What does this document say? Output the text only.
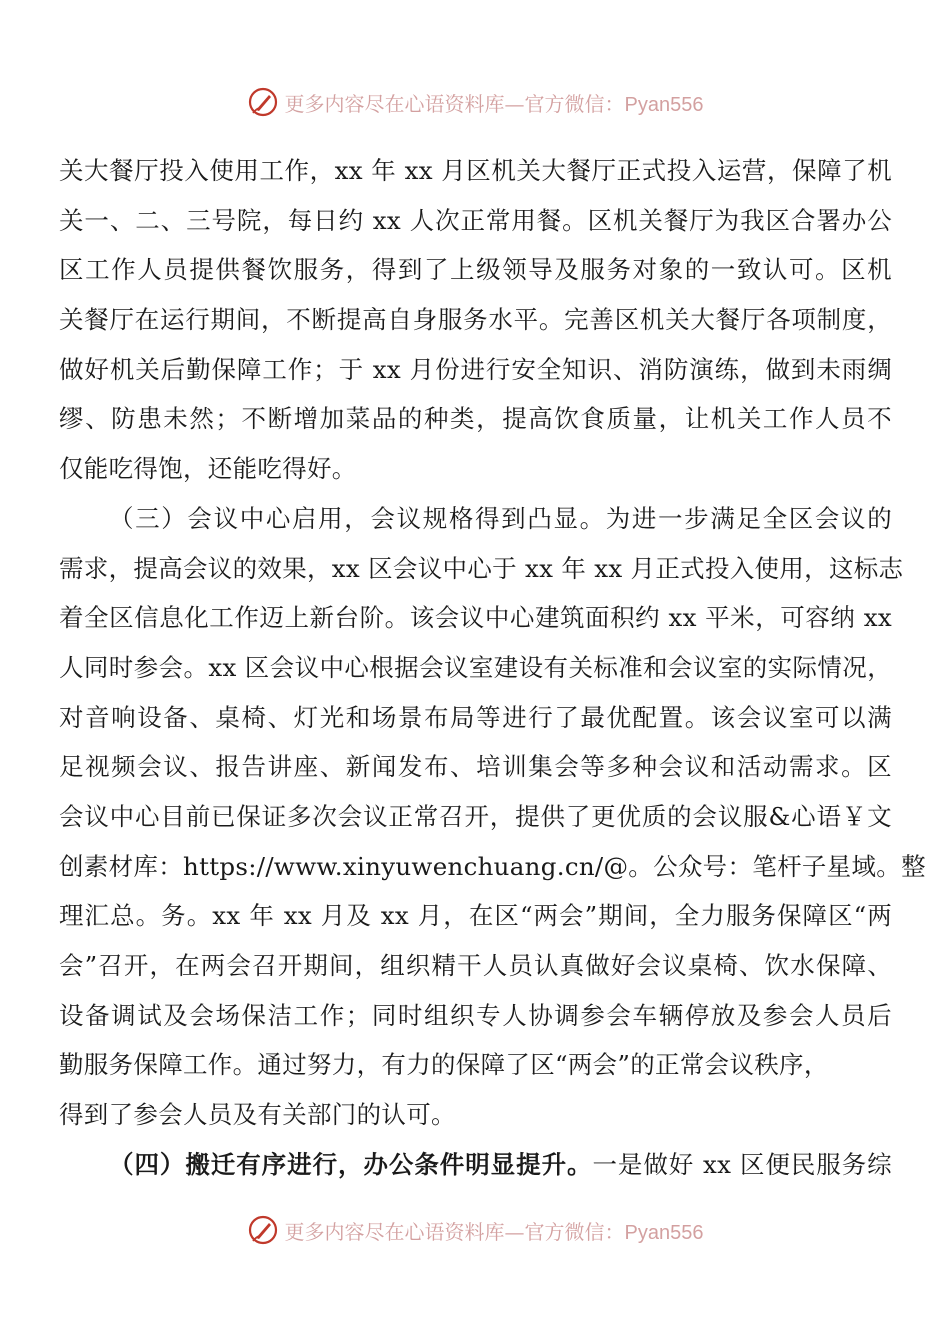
更多内容尽在心语资料库—官方微信：Pyan556
关大餐厅投入使用工作，xx 年 xx 月区机关大餐厅正式投入运营，保障了机
关一、二、三号院，每日约 xx 人次正常用餐。区机关餐厅为我区合署办公
区工作人员提供餐饮服务，得到了上级领导及服务对象的一致认可。区机
关餐厅在运行期间，不断提高自身服务水平。完善区机关大餐厅各项制度，
做好机关后勤保障工作；于 xx 月份进行安全知识、消防演练，做到未雨绸
缪、防患未然；不断增加菜品的种类，提高饮食质量，让机关工作人员不
仅能吃得饱，还能吃得好。
（三）会议中心启用，会议规格得到凸显。为进一步满足全区会议的
需求，提高会议的效果，xx 区会议中心于 xx 年 xx 月正式投入使用，这标志
着全区信息化工作迈上新台阶。该会议中心建筑面积约 xx 平米，可容纳 xx
人同时参会。xx 区会议中心根据会议室建设有关标准和会议室的实际情况，
对音响设备、桌椅、灯光和场景布局等进行了最优配置。该会议室可以满
足视频会议、报告讲座、新闻发布、培训集会等多种会议和活动需求。区
会议中心目前已保证多次会议正常召开，提供了更优质的会议服&心语￥文
创素材库：https://www.xinyuwenchuang.cn/@。公众号：笔杆子星域。整
理汇总。务。xx 年 xx 月及 xx 月，在区“两会”期间，全力服务保障区“两
会”召开，在两会召开期间，组织精干人员认真做好会议桌椅、饮水保障、
设备调试及会场保洁工作；同时组织专人协调参会车辆停放及参会人员后
勤服务保障工作。通过努力，有力的保障了区“两会”的正常会议秩序，
得到了参会人员及有关部门的认可。
（四）搬迁有序进行，办公条件明显提升。一是做好 xx 区便民服务综
更多内容尽在心语资料库—官方微信：Pyan556
